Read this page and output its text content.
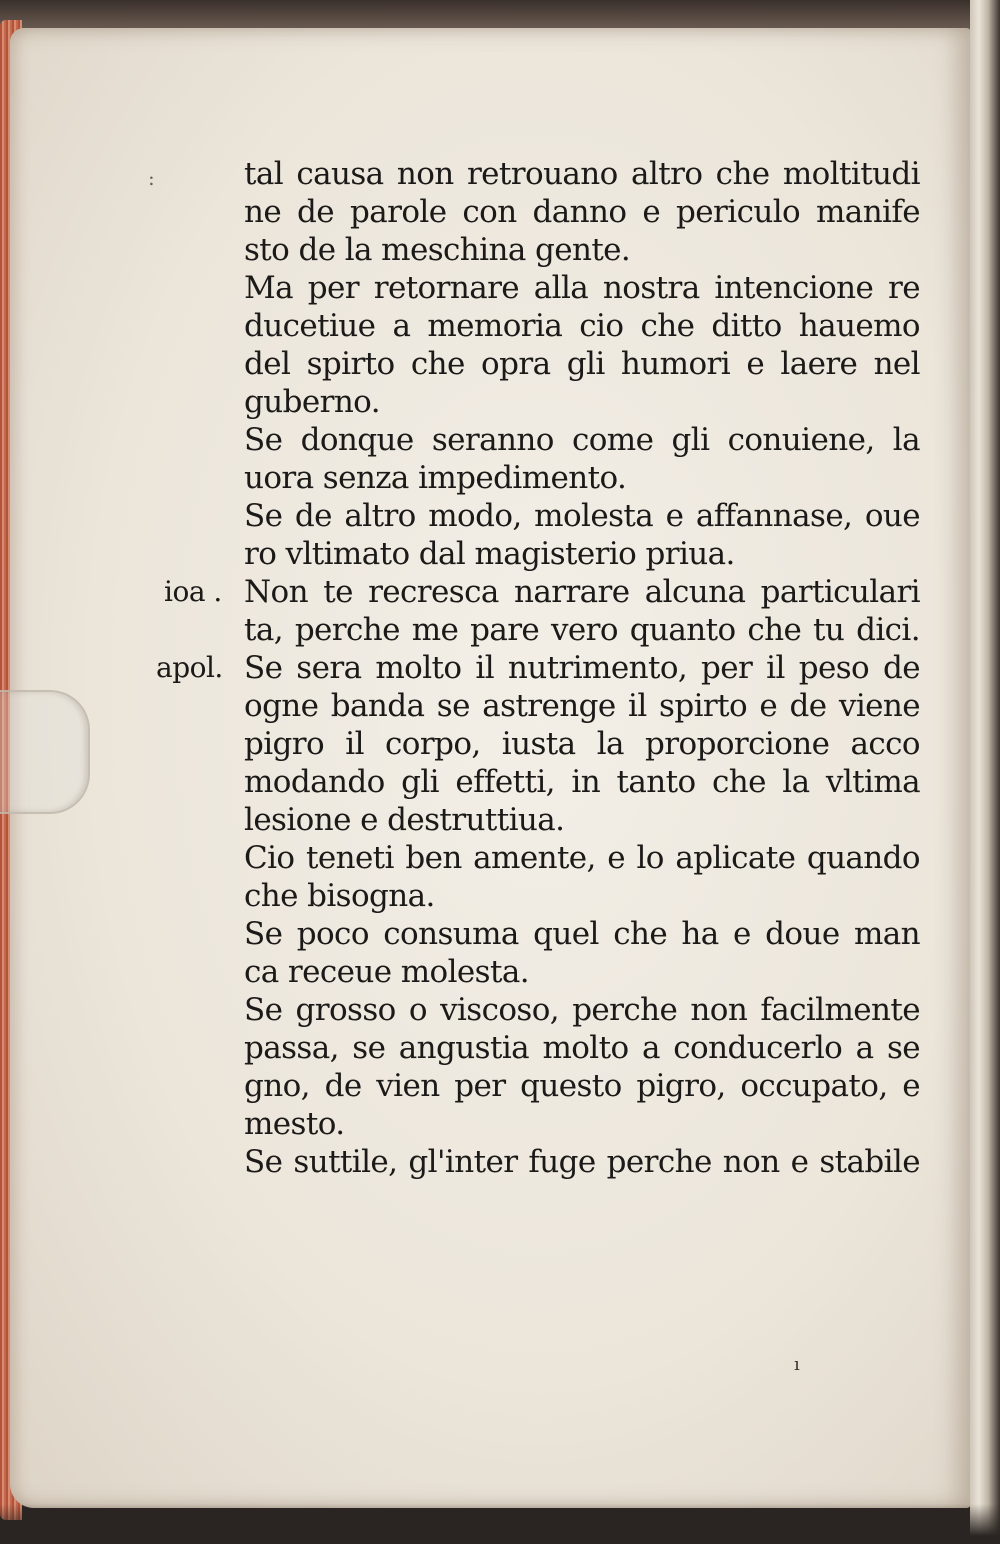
:	tal causa non retrouano altro che moltitudi
ne de parole con danno e periculo manife
sto de la meschina gente.
Ma per retornare alla nostra intencione re
ducetiue a memoria cio che ditto hauemo
del spirto che opra gli humori e laere nel
guberno.
Se donque seranno come gli conuiene, la
uora senza impedimento.
Se de altro modo, molesta e affannase, oue
ro vltimato dal magisterio priua.
ioa . Non te recresca narrare alcuna particulari
ta, perche me pare vero quanto che tu dici.
apol. Se sera molto il nutrimento, per il peso de
ogne banda se astrenge il spirto e de viene
pigro il corpo, iusta la proporcione acco
modando gli effetti, in tanto che la vltima
lesione e destruttiua.
Cio teneti ben amente, e lo aplicate quando
che bisogna.
Se poco consuma quel che ha e doue man
ca receue molesta.
Se grosso o viscoso, perche non facilmente
passa, se angustia molto a conducerlo a se
gno, de vien per questo pigro, occupato, e
mesto.
Se suttile, gl'inter fuge perche non e stabile
ı
